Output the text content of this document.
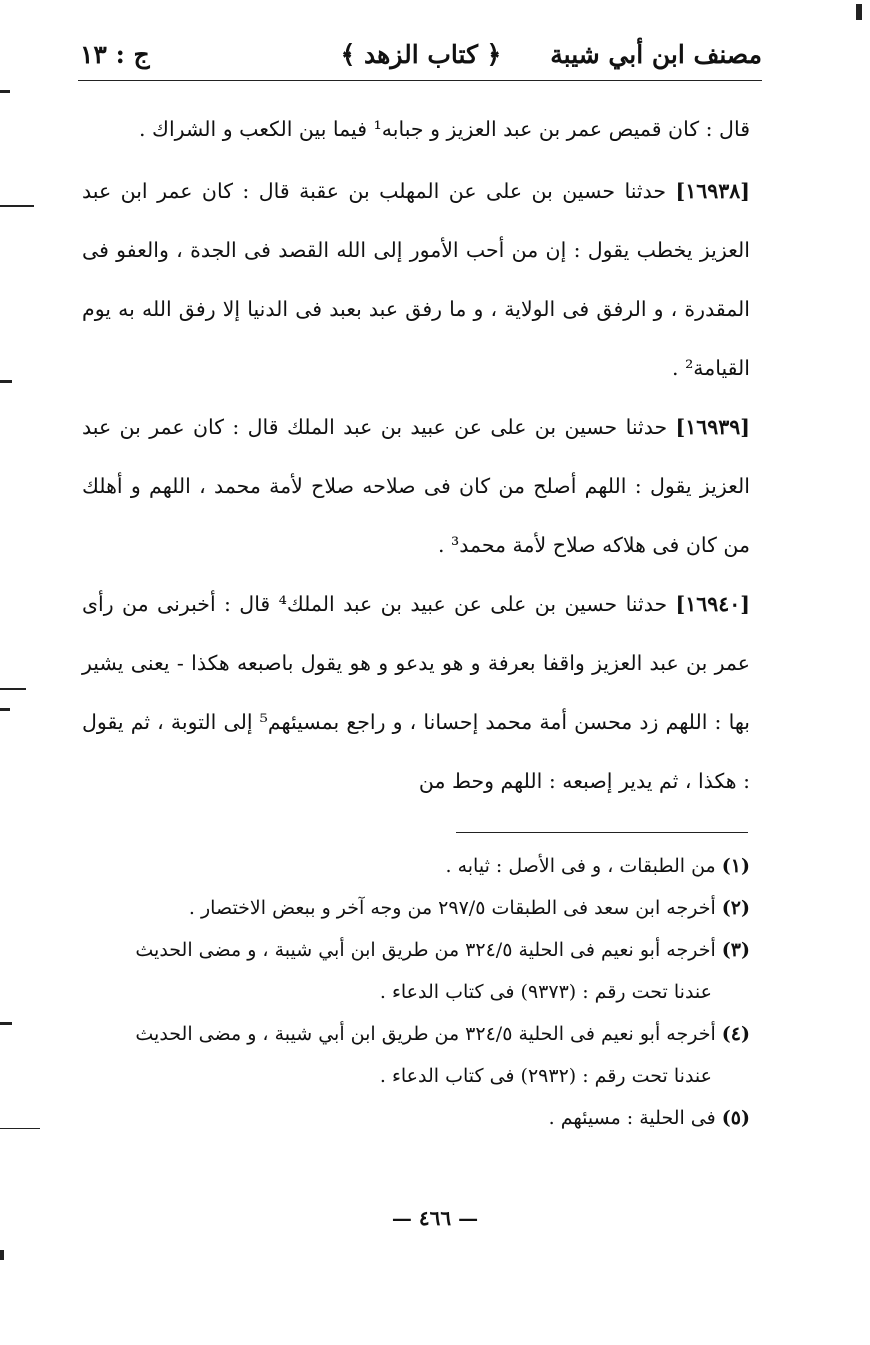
مصنف ابن أبي شيبة
﴿ كتاب الزهد ﴾
ج : ١٣

قال : كان قميص عمر بن عبد العزيز و جبابه¹ فيما بين الكعب و الشراك .

[١٦٩٣٨] حدثنا حسين بن على عن المهلب بن عقبة قال : كان عمر ابن عبد العزيز يخطب يقول : إن من أحب الأمور إلى الله القصد فى الجدة ، والعفو فى المقدرة ، و الرفق فى الولاية ، و ما رفق عبد بعبد فى الدنيا إلا رفق الله به يوم القيامة² .

[١٦٩٣٩] حدثنا حسين بن على عن عبيد بن عبد الملك قال : كان عمر بن عبد العزيز يقول : اللهم أصلح من كان فى صلاحه صلاح لأمة محمد ، اللهم و أهلك من كان فى هلاكه صلاح لأمة محمد³ .

[١٦٩٤٠] حدثنا حسين بن على عن عبيد بن عبد الملك⁴ قال : أخبرنى من رأى عمر بن عبد العزيز واقفا بعرفة و هو يدعو و هو يقول باصبعه هكذا - يعنى يشير بها : اللهم زد محسن أمة محمد إحسانا ، و راجع بمسيئهم⁵ إلى التوبة ، ثم يقول : هكذا ، ثم يدير إصبعه : اللهم وحط من

(١) من الطبقات ، و فى الأصل : ثيابه .

(٢) أخرجه ابن سعد فى الطبقات ٢٩٧/٥ من وجه آخر و ببعض الاختصار .

(٣) أخرجه أبو نعيم فى الحلية ٣٢٤/٥ من طريق ابن أبي شيبة ، و مضى الحديث

عندنا تحت رقم : (٩٣٧٣) فى كتاب الدعاء .

(٤) أخرجه أبو نعيم فى الحلية ٣٢٤/٥ من طريق ابن أبي شيبة ، و مضى الحديث

عندنا تحت رقم : (٢٩٣٢) فى كتاب الدعاء .

(٥) فى الحلية : مسيئهم .

— ٤٦٦ —
